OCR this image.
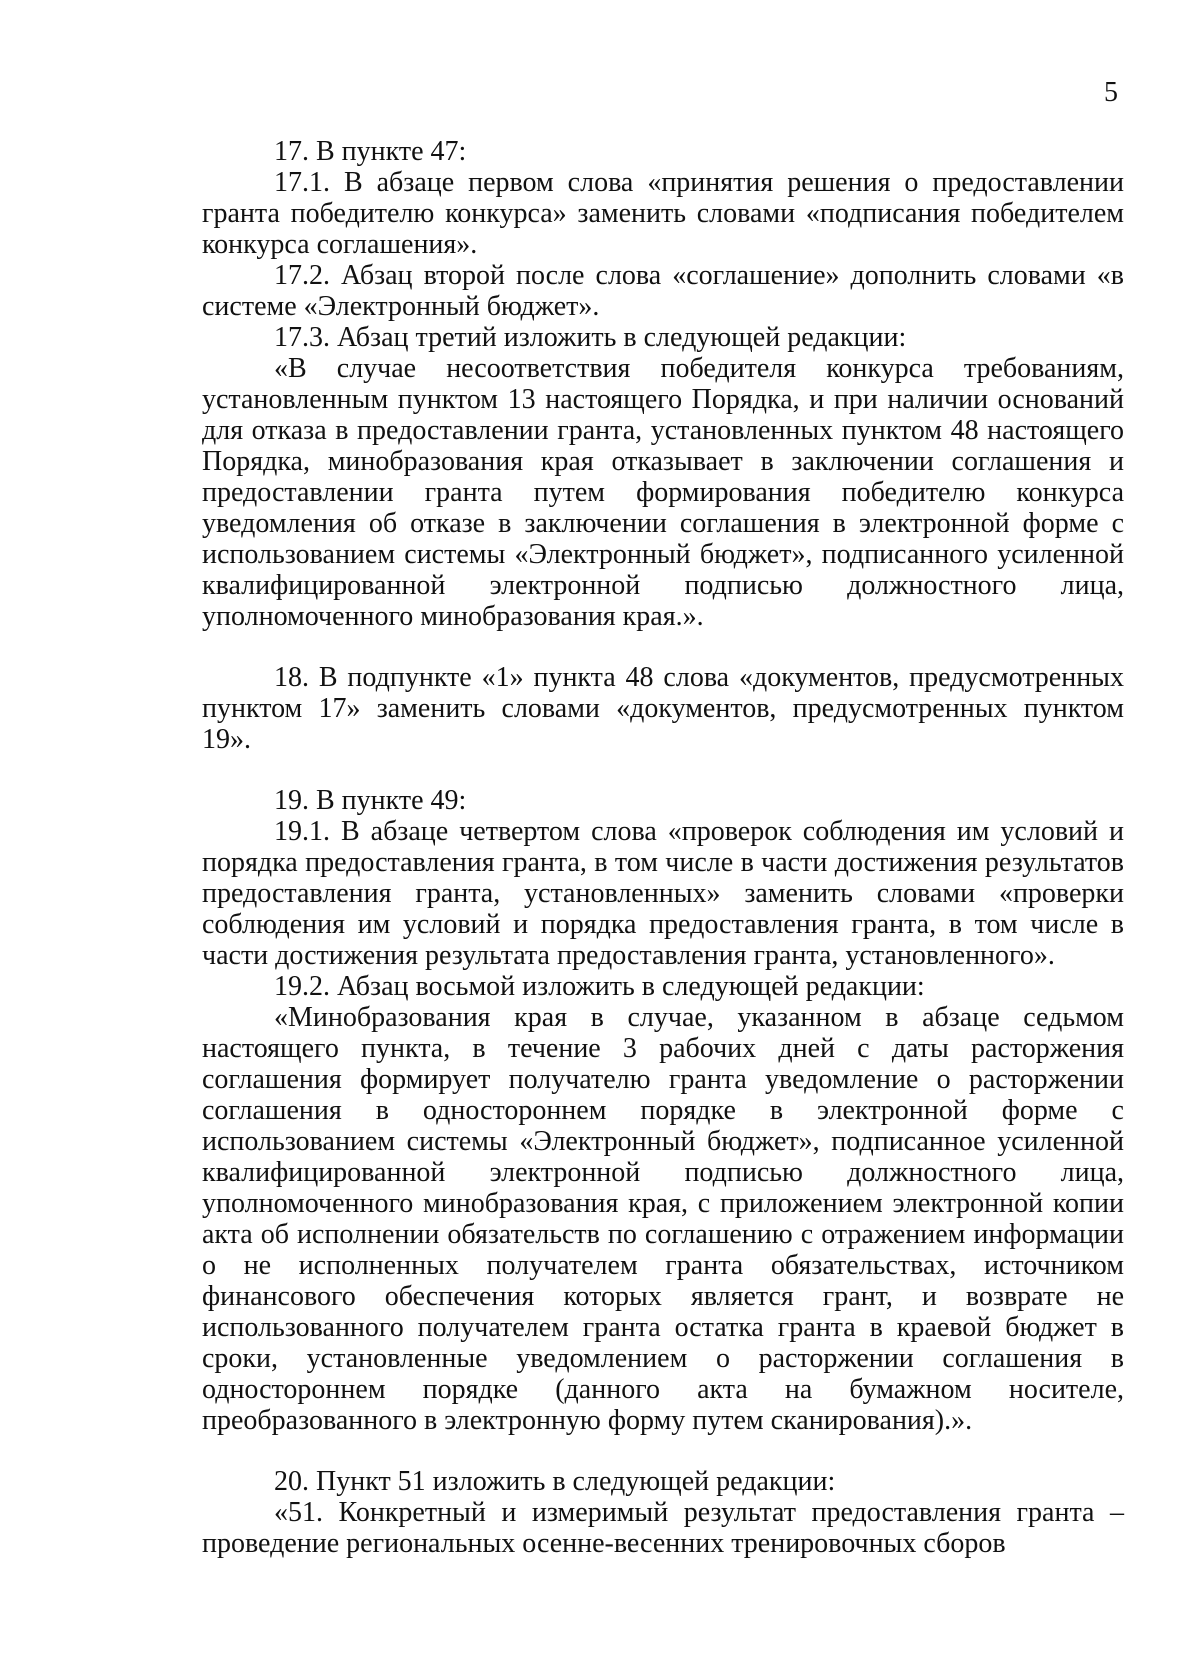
5

17. В пункте 47:

17.1. В абзаце первом слова «принятия решения о предоставлении гранта победителю конкурса» заменить словами «подписания победителем конкурса соглашения».

17.2. Абзац второй после слова «соглашение» дополнить словами «в системе «Электронный бюджет».

17.3. Абзац третий изложить в следующей редакции:

«В случае несоответствия победителя конкурса требованиям, установленным пунктом 13 настоящего Порядка, и при наличии оснований для отказа в предоставлении гранта, установленных пунктом 48 настоящего Порядка, минобразования края отказывает в заключении соглашения и предоставлении гранта путем формирования победителю конкурса уведомления об отказе в заключении соглашения в электронной форме с использованием системы «Электронный бюджет», подписанного усиленной квалифицированной электронной подписью должностного лица, уполномоченного минобразования края.».

18. В подпункте «1» пункта 48 слова «документов, предусмотренных пунктом 17» заменить словами «документов, предусмотренных пунктом 19».

19. В пункте 49:

19.1. В абзаце четвертом слова «проверок соблюдения им условий и порядка предоставления гранта, в том числе в части достижения результатов предоставления гранта, установленных» заменить словами «проверки соблюдения им условий и порядка предоставления гранта, в том числе в части достижения результата предоставления гранта, установленного».

19.2. Абзац восьмой изложить в следующей редакции:

«Минобразования края в случае, указанном в абзаце седьмом настоящего пункта, в течение 3 рабочих дней с даты расторжения соглашения формирует получателю гранта уведомление о расторжении соглашения в одностороннем порядке в электронной форме с использованием системы «Электронный бюджет», подписанное усиленной квалифицированной электронной подписью должностного лица, уполномоченного минобразования края, с приложением электронной копии акта об исполнении обязательств по соглашению с отражением информации о не исполненных получателем гранта обязательствах, источником финансового обеспечения которых является грант, и возврате не использованного получателем гранта остатка гранта в краевой бюджет в сроки, установленные уведомлением о расторжении соглашения в одностороннем порядке (данного акта на бумажном носителе, преобразованного в электронную форму путем сканирования).».

20. Пункт 51 изложить в следующей редакции:

«51. Конкретный и измеримый результат предоставления гранта – проведение региональных осенне-весенних тренировочных сборов
